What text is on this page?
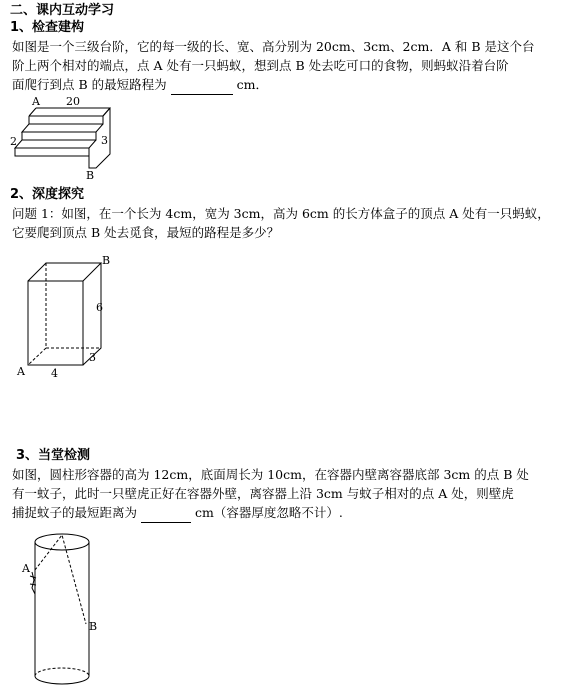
二、课内互动学习
1、检查建构
如图是一个三级台阶，它的每一级的长、宽、高分别为 20cm、3cm、2cm．A 和 B 是这个台
阶上两个相对的端点，点 A 处有一只蚂蚁，想到点 B 处去吃可口的食物，则蚂蚁沿着台阶
面爬行到点 B 的最短路程为	cm．
A 20
2	3
B
2、深度探究
问题 1：如图，在一个长为 4cm，宽为 3cm，高为 6cm 的长方体盒子的顶点 A 处有一只蚂蚁，
它要爬到顶点 B 处去觅食，最短的路程是多少？
A
B
6
3
4
3、当堂检测
如图，圆柱形容器的高为 12cm，底面周长为 10cm，在容器内壁离容器底部 3cm 的点 B 处
有一蚊子，此时一只壁虎正好在容器外壁，离容器上沿 3cm 与蚊子相对的点 A 处，则壁虎
捕捉蚊子的最短距离为	cm（容器厚度忽略不计）.
A
B
